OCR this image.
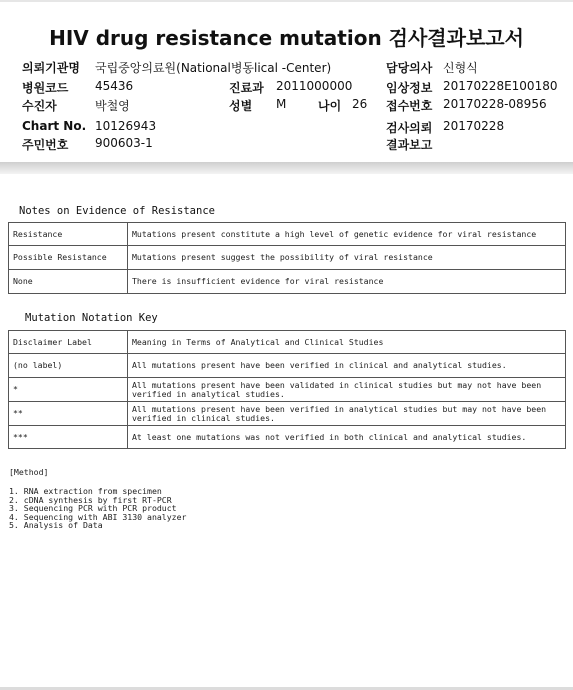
HIV drug resistance mutation 검사결과보고서
의뢰기관명 국립중앙의료원(National병동lical -Center)	담당의사 신형식
병원코드 45436	진료과 2011000000	임상정보 20170228E100180
수진자	박철영	성별 M	나이 26 접수번호 20170228-08956
Chart No. 10126943	검사의뢰 20170228
주민번호 900603-1	결과보고
Notes on Evidence of Resistance
Resistance	Mutations present constitute a high level of genetic evidence for viral resistance
Possible Resistance	Mutations present suggest the possibility of viral resistance
None	There is insufficient evidence for viral resistance
Mutation Notation Key
Disclaimer Label	Meaning in Terms of Analytical and Clinical Studies
(no label)	All mutations present have been verified in clinical and analytical studies.
*	All mutations present have been validated in clinical studies but may not have been
verified in analytical studies.

**	All mutations present have been verified in analytical studies but may not have been
verified in clinical studies.

***	At least one mutations was not verified in both clinical and analytical studies.
[Method]
1. RNA extraction from specimen
2. cDNA synthesis by first RT-PCR
3. Sequencing PCR with PCR product
4. Sequencing with ABI 3130 analyzer
5. Analysis of Data
